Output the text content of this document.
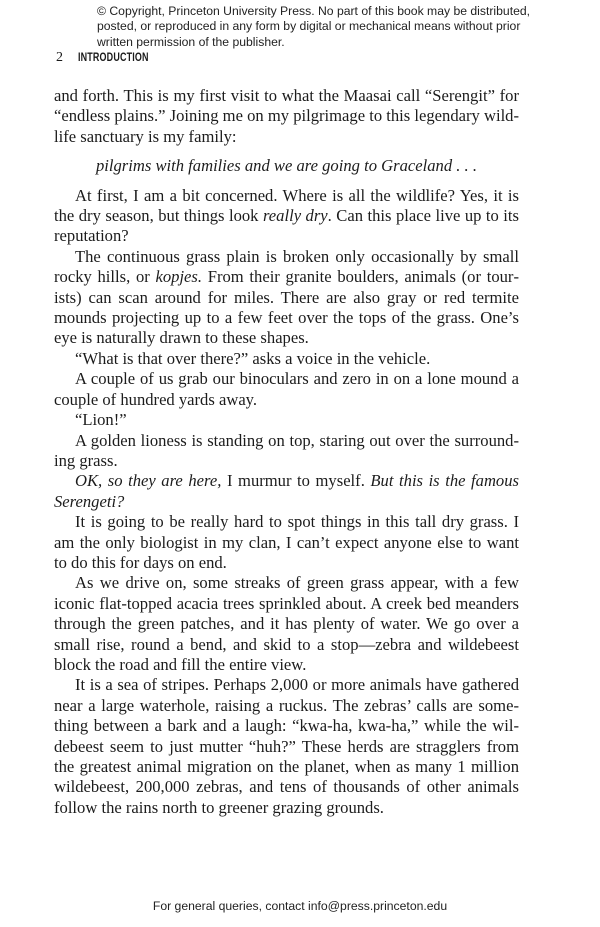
© Copyright, Princeton University Press. No part of this book may be distributed, posted, or reproduced in any form by digital or mechanical means without prior written permission of the publisher.
2	INTRODUCTION

and forth. This is my first visit to what the Maasai call “Serengit” for “endless plains.” Joining me on my pilgrimage to this legendary wildlife sanctuary is my family:

pilgrims with families and we are going to Graceland . . .

At first, I am a bit concerned. Where is all the wildlife? Yes, it is the dry season, but things look really dry. Can this place live up to its reputation?

The continuous grass plain is broken only occasionally by small rocky hills, or kopjes. From their granite boulders, animals (or tourists) can scan around for miles. There are also gray or red termite mounds projecting up to a few feet over the tops of the grass. One’s eye is naturally drawn to these shapes.

“What is that over there?” asks a voice in the vehicle.

A couple of us grab our binoculars and zero in on a lone mound a couple of hundred yards away.

“Lion!”

A golden lioness is standing on top, staring out over the surrounding grass.

OK, so they are here, I murmur to myself. But this is the famous Serengeti?

It is going to be really hard to spot things in this tall dry grass. I am the only biologist in my clan, I can’t expect anyone else to want to do this for days on end.

As we drive on, some streaks of green grass appear, with a few iconic flat-topped acacia trees sprinkled about. A creek bed meanders through the green patches, and it has plenty of water. We go over a small rise, round a bend, and skid to a stop—zebra and wildebeest block the road and fill the entire view.

It is a sea of stripes. Perhaps 2,000 or more animals have gathered near a large waterhole, raising a ruckus. The zebras’ calls are something between a bark and a laugh: “kwa-ha, kwa-ha,” while the wildebeest seem to just mutter “huh?” These herds are stragglers from the greatest animal migration on the planet, when as many 1 million wildebeest, 200,000 zebras, and tens of thousands of other animals follow the rains north to greener grazing grounds.

For general queries, contact info@press.princeton.edu
